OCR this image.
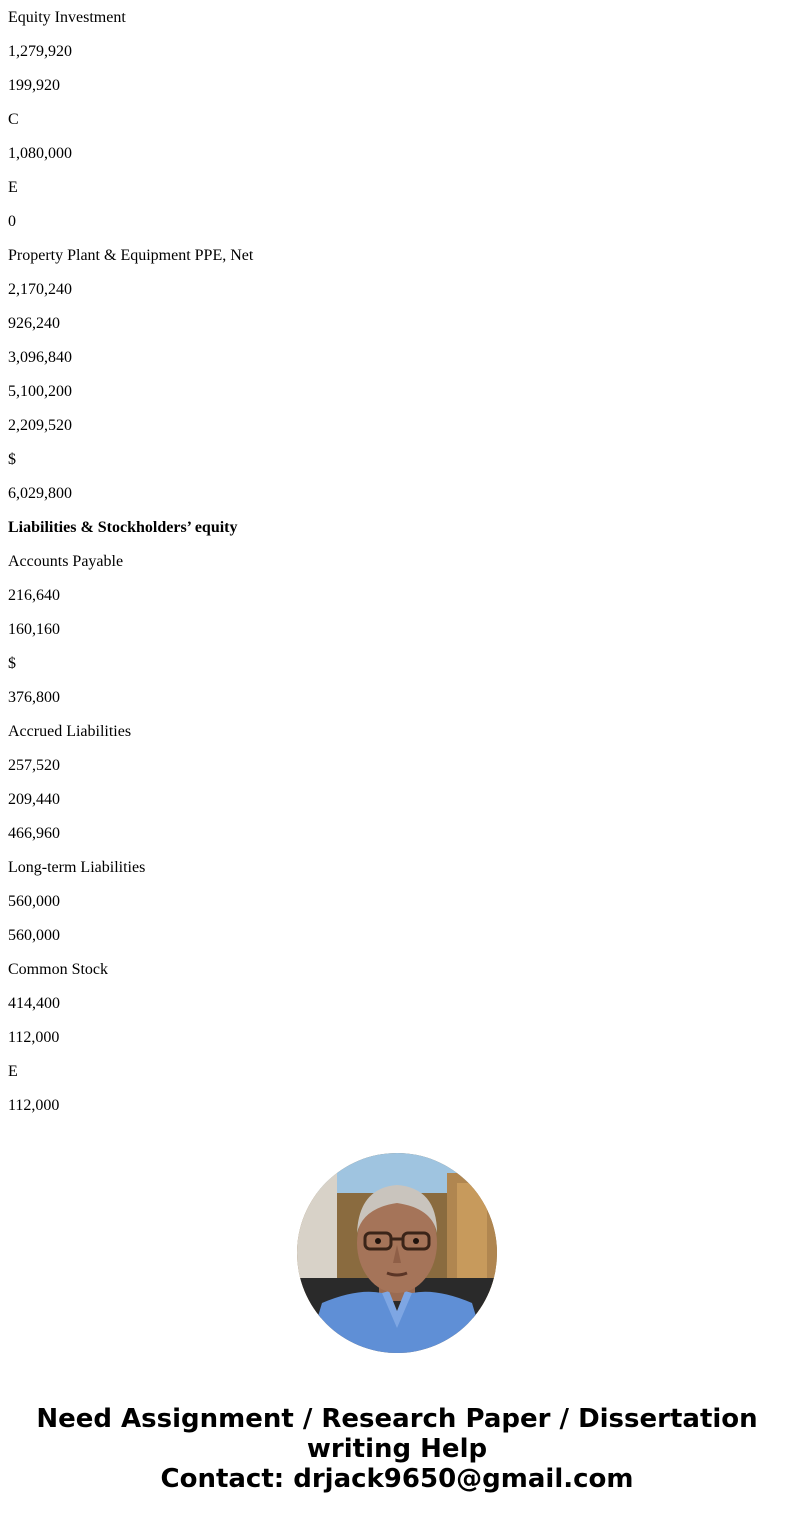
Equity Investment

1,279,920

199,920

C

1,080,000

E

0

Property Plant & Equipment PPE, Net

2,170,240

926,240

3,096,840

5,100,200

2,209,520

$

6,029,800

Liabilities & Stockholders’ equity

Accounts Payable

216,640

160,160

$

376,800

Accrued Liabilities

257,520

209,440

466,960

Long-term Liabilities

560,000

560,000

Common Stock

414,400

112,000

E

112,000

Need Assignment / Research Paper / Dissertation
writing Help
Contact: drjack9650@gmail.com
